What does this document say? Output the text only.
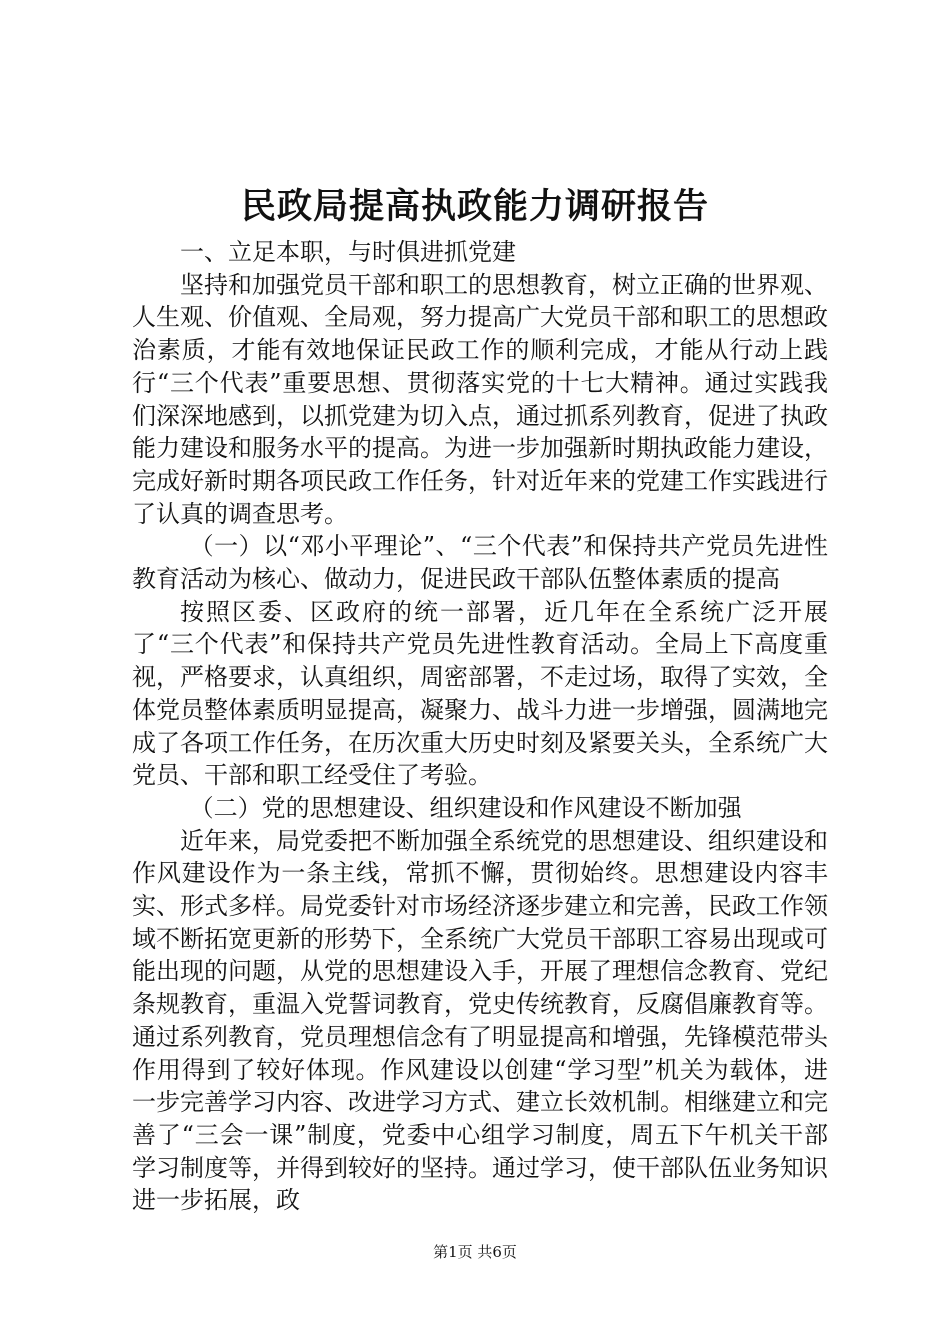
民政局提高执政能力调研报告

一、立足本职，与时俱进抓党建

坚持和加强党员干部和职工的思想教育，树立正确的世界观、人生观、价值观、全局观，努力提高广大党员干部和职工的思想政治素质，才能有效地保证民政工作的顺利完成，才能从行动上践行“三个代表”重要思想、贯彻落实党的十七大精神。通过实践我们深深地感到，以抓党建为切入点，通过抓系列教育，促进了执政能力建设和服务水平的提高。为进一步加强新时期执政能力建设，完成好新时期各项民政工作任务，针对近年来的党建工作实践进行了认真的调查思考。

（一）以“邓小平理论”、“三个代表”和保持共产党员先进性教育活动为核心、做动力，促进民政干部队伍整体素质的提高

按照区委、区政府的统一部署，近几年在全系统广泛开展了“三个代表”和保持共产党员先进性教育活动。全局上下高度重视，严格要求，认真组织，周密部署，不走过场，取得了实效，全体党员整体素质明显提高，凝聚力、战斗力进一步增强，圆满地完成了各项工作任务，在历次重大历史时刻及紧要关头，全系统广大党员、干部和职工经受住了考验。

（二）党的思想建设、组织建设和作风建设不断加强

近年来，局党委把不断加强全系统党的思想建设、组织建设和作风建设作为一条主线，常抓不懈，贯彻始终。思想建设内容丰实、形式多样。局党委针对市场经济逐步建立和完善，民政工作领域不断拓宽更新的形势下，全系统广大党员干部职工容易出现或可能出现的问题，从党的思想建设入手，开展了理想信念教育、党纪条规教育，重温入党誓词教育，党史传统教育，反腐倡廉教育等。通过系列教育，党员理想信念有了明显提高和增强，先锋模范带头作用得到了较好体现。作风建设以创建“学习型”机关为载体，进一步完善学习内容、改进学习方式、建立长效机制。相继建立和完善了“三会一课”制度，党委中心组学习制度，周五下午机关干部学习制度等，并得到较好的坚持。通过学习，使干部队伍业务知识进一步拓展，政

第1页 共6页
